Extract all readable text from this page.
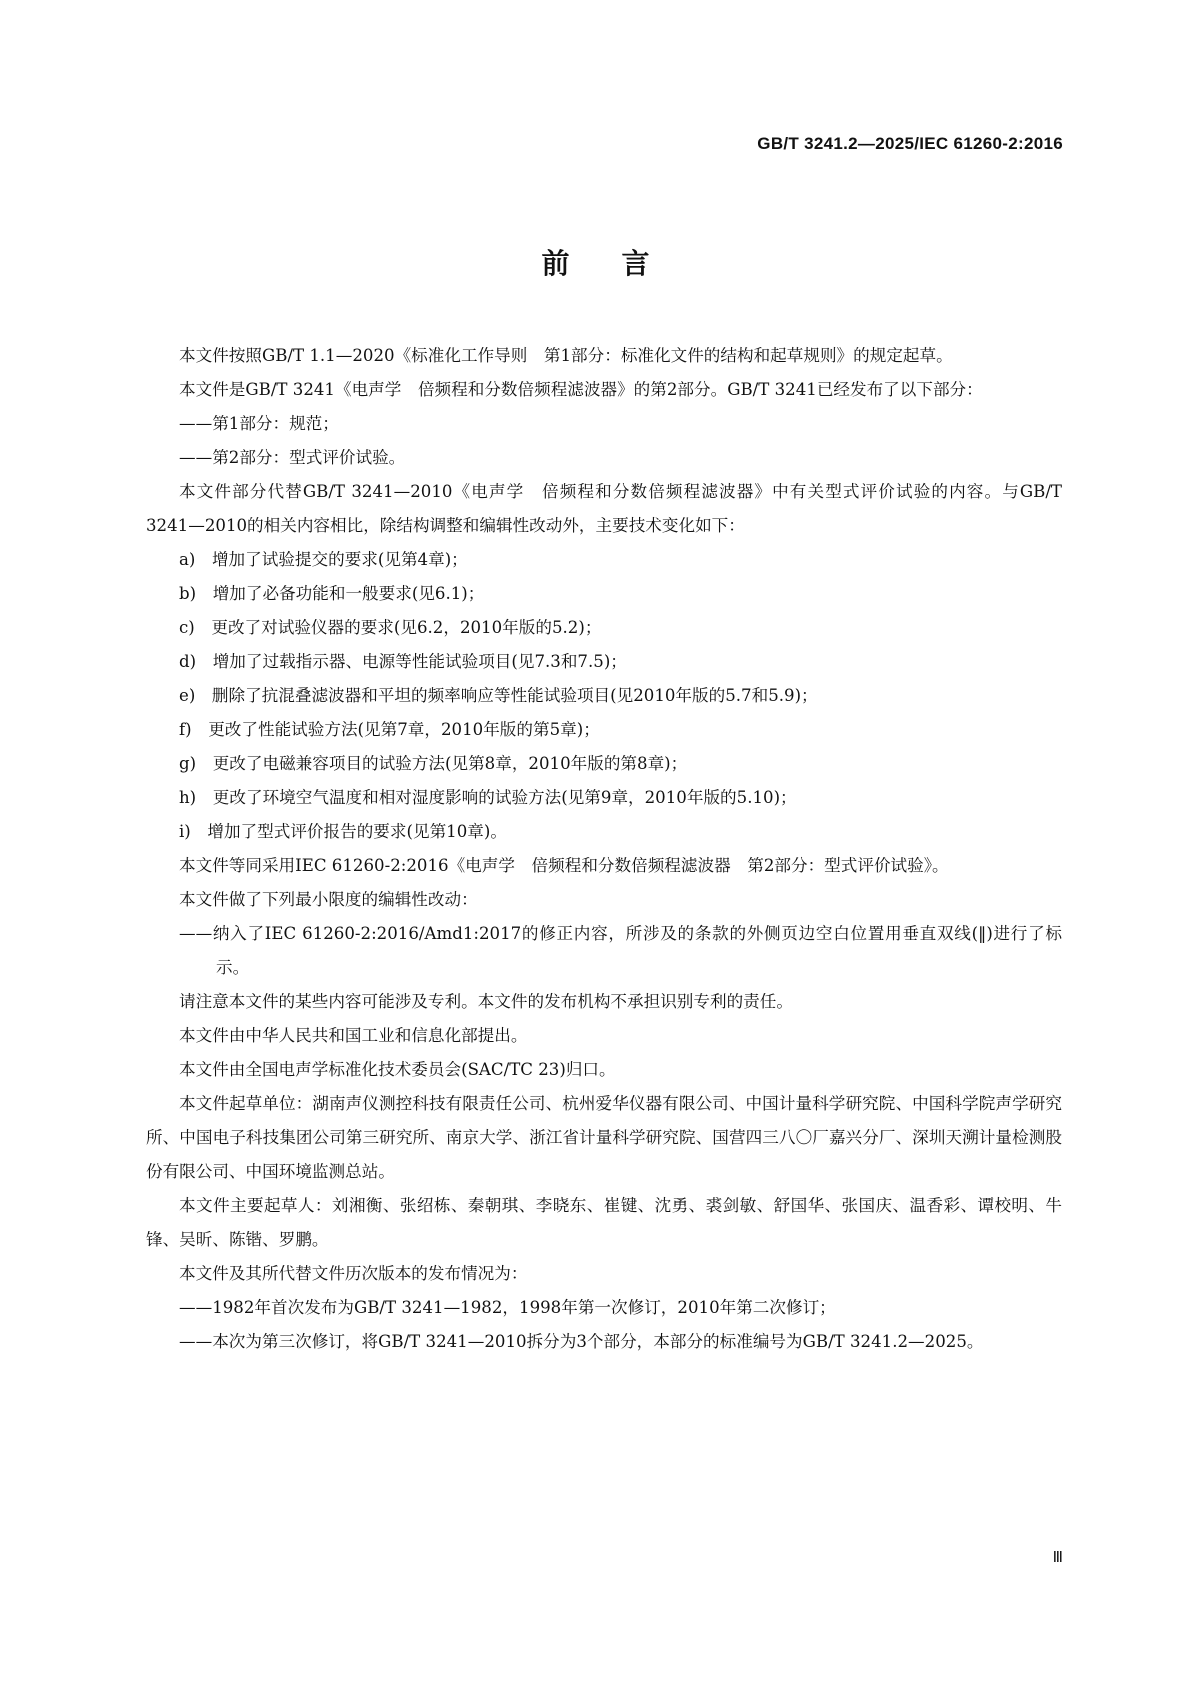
GB/T 3241.2—2025/IEC 61260-2:2016
前言

本文件按照GB/T 1.1—2020《标准化工作导则　第1部分：标准化文件的结构和起草规则》的规定起草。

本文件是GB/T 3241《电声学　倍频程和分数倍频程滤波器》的第2部分。GB/T 3241已经发布了以下部分：

——第1部分：规范；

——第2部分：型式评价试验。

本文件部分代替GB/T 3241—2010《电声学　倍频程和分数倍频程滤波器》中有关型式评价试验的内容。与GB/T 3241—2010的相关内容相比，除结构调整和编辑性改动外，主要技术变化如下：

a)　增加了试验提交的要求(见第4章)；

b)　增加了必备功能和一般要求(见6.1)；

c)　更改了对试验仪器的要求(见6.2，2010年版的5.2)；

d)　增加了过载指示器、电源等性能试验项目(见7.3和7.5)；

e)　删除了抗混叠滤波器和平坦的频率响应等性能试验项目(见2010年版的5.7和5.9)；

f)　更改了性能试验方法(见第7章，2010年版的第5章)；

g)　更改了电磁兼容项目的试验方法(见第8章，2010年版的第8章)；

h)　更改了环境空气温度和相对湿度影响的试验方法(见第9章，2010年版的5.10)；

i)　增加了型式评价报告的要求(见第10章)。

本文件等同采用IEC 61260-2:2016《电声学　倍频程和分数倍频程滤波器　第2部分：型式评价试验》。

本文件做了下列最小限度的编辑性改动：

——纳入了IEC 61260-2:2016/Amd1:2017的修正内容，所涉及的条款的外侧页边空白位置用垂直双线(‖)进行了标示。

请注意本文件的某些内容可能涉及专利。本文件的发布机构不承担识别专利的责任。

本文件由中华人民共和国工业和信息化部提出。

本文件由全国电声学标准化技术委员会(SAC/TC 23)归口。

本文件起草单位：湖南声仪测控科技有限责任公司、杭州爱华仪器有限公司、中国计量科学研究院、中国科学院声学研究所、中国电子科技集团公司第三研究所、南京大学、浙江省计量科学研究院、国营四三八〇厂嘉兴分厂、深圳天溯计量检测股份有限公司、中国环境监测总站。

本文件主要起草人：刘湘衡、张绍栋、秦朝琪、李晓东、崔键、沈勇、裘剑敏、舒国华、张国庆、温香彩、谭校明、牛锋、吴昕、陈锴、罗鹏。

本文件及其所代替文件历次版本的发布情况为：

——1982年首次发布为GB/T 3241—1982，1998年第一次修订，2010年第二次修订；

——本次为第三次修订，将GB/T 3241—2010拆分为3个部分，本部分的标准编号为GB/T 3241.2—2025。

Ⅲ
